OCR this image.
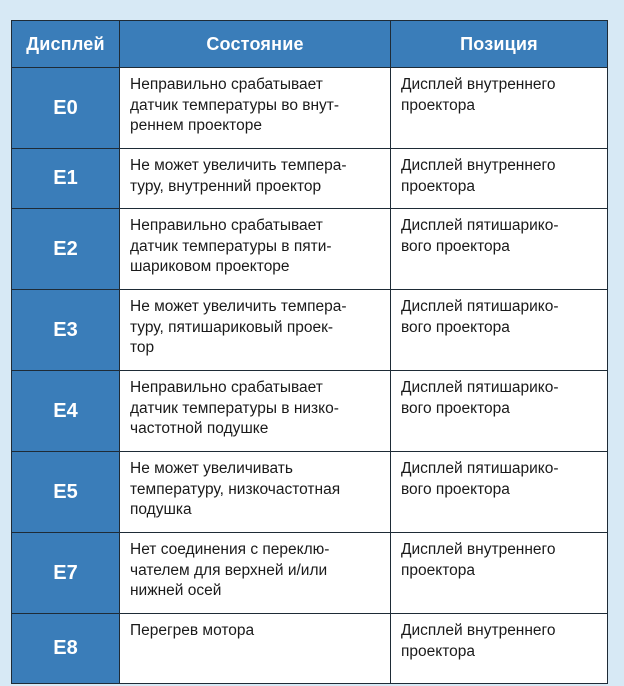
Дисплей	Состояние	Позиция
E0	Неправильно срабатывает
датчик температуры во внут-
реннем проекторе	Дисплей внутреннего
проектора

E1	Не может увеличить темпера-
туру, внутренний проектор	Дисплей внутреннего
проектора

E2	Неправильно срабатывает
датчик температуры в пяти-
шариковом проекторе	Дисплей пятишарико-
вого проектора

E3	Не может увеличить темпера-
туру, пятишариковый проек-
тор	Дисплей пятишарико-
вого проектора

E4	Неправильно срабатывает
датчик температуры в низко-
частотной подушке	Дисплей пятишарико-
вого проектора

E5	Не может увеличивать
температуру, низкочастотная
подушка	Дисплей пятишарико-
вого проектора

E7	Нет соединения с переклю-
чателем для верхней и/или
нижней осей	Дисплей внутреннего
проектора

E8	Перегрев мотора	Дисплей внутреннего
проектора
